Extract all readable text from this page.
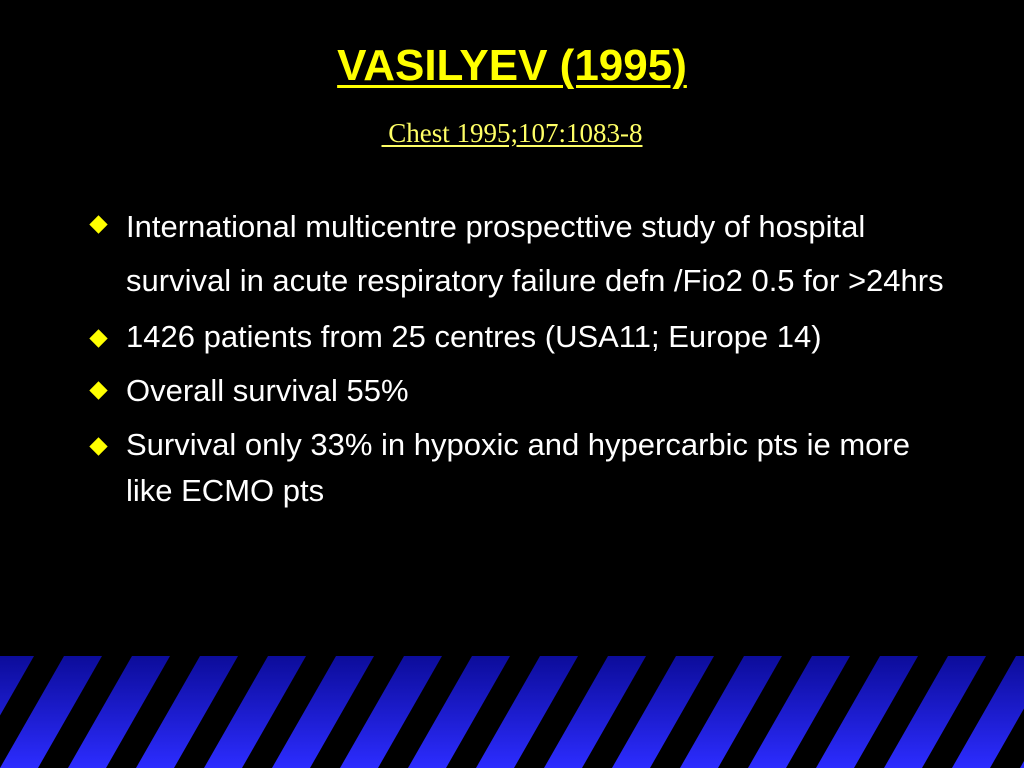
VASILYEV (1995)
Chest 1995;107:1083-8
International multicentre prospecttive study of hospital survival in acute respiratory failure defn /Fio2 0.5 for >24hrs
1426 patients from 25 centres (USA11; Europe 14)
Overall survival 55%
Survival only 33% in hypoxic and hypercarbic pts ie more like ECMO pts
